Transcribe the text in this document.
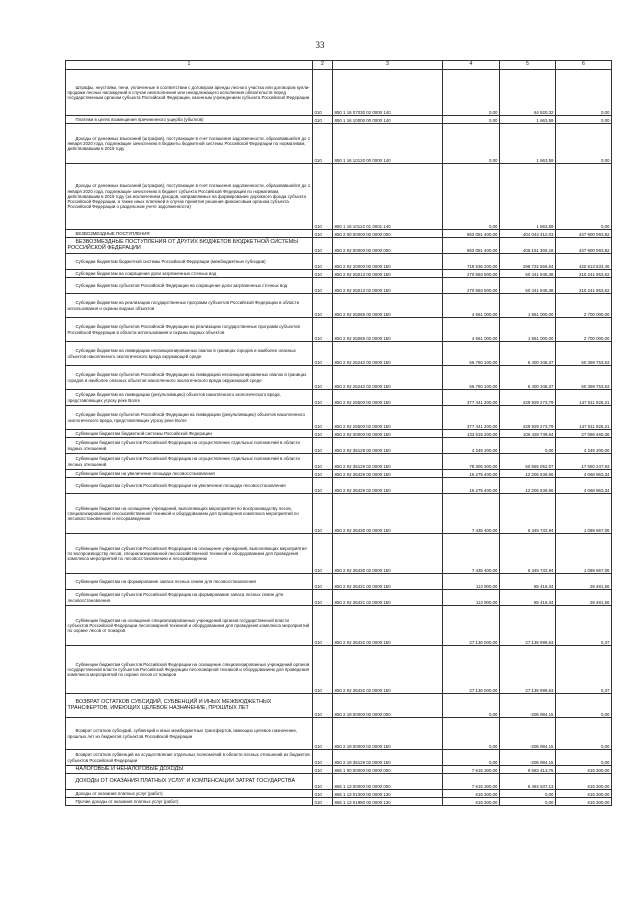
33
1	2	3	4	5	6

Штрафы, неустойки, пени, уплаченные в соответствии с договором аренды лесного участка или договором купли-продажи лесных насаждений в случае неисполнения или ненадлежащего исполнения обязательств перед государственным органом субъекта Российской Федерации, казенным учреждением субъекта Российской Федерации	010	850 1 16 07030 02 0000 140	0,00	64 920,32	0,00

Платежи в целях возмещения причиненного ущерба (убытков)	010	850 1 16 10000 00 0000 140	0,00	1 663,59	0,00

Доходы от денежных взысканий (штрафов), поступающие в счет погашения задолженности, образовавшейся до 1 января 2020 года, подлежащие зачислению в бюджеты бюджетной системы Российской Федерации по нормативам, действовавшим в 2019 году	010	850 1 16 10120 00 0000 140	0,00	1 663,59	0,00

Доходы от денежных взысканий (штрафов), поступающие в счет погашения задолженности, образовавшейся до 1 января 2020 года, подлежащие зачислению в бюджет субъекта Российской Федерации по нормативам, действовавшим в 2019 году (за исключением доходов, направляемых на формирование дорожного фонда субъекта Российской Федерации, а также иных платежей в случае принятия решения финансовым органом субъекта Российской Федерации о раздельном учете задолженности)	010	850 1 16 10122 01 0001 140	0,00	1 663,59	0,00

БЕЗВОЗМЕЗДНЫЕ ПОСТУПЛЕНИЯ	010	850 2 00 00000 00 0000 000	853 051 400,00	404 044 412,03	447 900 093,82

БЕЗВОЗМЕЗДНЫЕ ПОСТУПЛЕНИЯ ОТ ДРУГИХ БЮДЖЕТОВ БЮДЖЕТНОЙ СИСТЕМЫ РОССИЙСКОЙ ФЕДЕРАЦИИ	010	850 2 02 00000 00 0000 000	853 051 400,00	405 151 306,18	447 900 093,82

Субсидии бюджетам бюджетной системы Российской Федерации (межбюджетные субсидии)	010	850 2 02 20000 00 0000 150	719 536 200,00	298 722 566,54	420 813 633,46

Субсидии бюджетам на сокращение доли загрязненных сточных вод	010	850 2 02 25013 00 0000 150	270 683 900,00	60 441 946,38	210 241 953,62

Субсидии бюджетам субъектов Российской Федерации на сокращение доли загрязненных сточных вод	010	850 2 02 25013 02 0000 150	270 683 900,00	60 441 946,38	210 241 953,62

Субсидии бюджетам на реализацию государственных программ субъектов Российской Федерации в области использования и охраны водных объектов	010	850 2 02 25065 00 0000 150	4 651 000,00	1 951 000,00	2 700 000,00

Субсидии бюджетам субъектов Российской Федерации на реализацию государственных программ субъектов Российской Федерации в области использования и охраны водных объектов	010	850 2 02 25065 02 0000 150	4 651 000,00	1 951 000,00	2 700 000,00

Субсидии бюджетам на ликвидацию несанкционированных свалок в границах городов и наиболее опасных объектов накопленного экологического вреда окружающей среде	010	850 2 02 25242 00 0000 150	66 760 100,00	6 400 346,37	60 359 753,63

Субсидии бюджетам субъектов Российской Федерации на ликвидацию несанкционированных свалок в границах городов и наиболее опасных объектов накопленного экологического вреда окружающей среде	010	850 2 02 25242 02 0000 150	66 760 100,00	6 400 346,37	60 359 753,63

Субсидии бюджетам на ликвидацию (рекультивацию) объектов накопленного экологического вреда, представляющих угрозу реке Волге	010	850 2 02 25500 00 0000 150	377 441 200,00	229 929 273,79	147 511 926,21

Субсидии бюджетам субъектов Российской Федерации на ликвидацию (рекультивацию) объектов накопленного экологического вреда, представляющих угрозу реке Волге	010	850 2 02 25500 02 0000 150	377 441 200,00	229 929 273,79	147 511 926,21

Субвенции бюджетам бюджетной системы Российской Федерации	010	850 2 02 30000 00 0000 150	133 515 200,00	106 428 739,64	27 086 460,36

Субвенции бюджетам субъектов Российской Федерации на осуществление отдельных полномочий в области водных отношений	010	850 2 02 35128 00 0000 150	4 249 200,00	0,00	4 249 200,00

Субвенции бюджетам субъектов Российской Федерации на осуществление отдельных полномочий в области лесных отношений	010	850 2 02 35129 02 0000 150	78 305 300,00	60 655 052,07	17 650 247,93

Субвенции бюджетам на увеличение площади лесовосстановления	010	850 2 02 35429 00 0000 150	16 275 400,00	12 206 536,66	4 068 863,34

Субвенции бюджетам субъектов Российской Федерации на увеличение площади лесовосстановления	010	850 2 02 35429 02 0000 150	16 275 400,00	12 206 536,66	4 068 863,34

Субвенции бюджетам на оснащение учреждений, выполняющих мероприятия по воспроизводству лесов, специализированной лесохозяйственной техникой и оборудованием для проведения комплекса мероприятий по лесовосстановлению и лесоразведению	010	850 2 02 35430 00 0000 150	7 435 400,00	6 345 732,94	1 089 667,06

Субвенции бюджетам субъектов Российской Федерации на оснащение учреждений, выполняющих мероприятия по воспроизводству лесов, специализированной лесохозяйственной техникой и оборудованием для проведения комплекса мероприятий по лесовосстановлению и лесоразведению	010	850 2 02 35430 02 0000 150	7 435 400,00	6 345 732,94	1 089 667,06

Субвенции бюджетам на формирование запаса лесных семян для лесовосстановления	010	850 2 02 35431 00 0000 150	113 900,00	85 418,34	28 481,66

Субвенции бюджетам субъектов Российской Федерации на формирование запаса лесных семян для лесовосстановления	010	850 2 02 35431 02 0000 150	113 900,00	85 418,34	28 481,66

Субвенции бюджетам на оснащение специализированных учреждений органов государственной власти субъектов Российской Федерации лесопожарной техникой и оборудованием для проведения комплекса мероприятий по охране лесов от пожаров	010	850 2 02 35432 00 0000 150	27 136 000,00	27 135 999,63	0,37

Субвенции бюджетам субъектов Российской Федерации на оснащение специализированных учреждений органов государственной власти субъектов Российской Федерации лесопожарной техникой и оборудованием для проведения комплекса мероприятий по охране лесов от пожаров	010	850 2 02 35432 02 0000 150	27 136 000,00	27 135 999,63	0,37

ВОЗВРАТ ОСТАТКОВ СУБСИДИЙ, СУБВЕНЦИЙ И ИНЫХ МЕЖБЮДЖЕТНЫХ ТРАНСФЕРТОВ, ИМЕЮЩИХ ЦЕЛЕВОЕ НАЗНАЧЕНИЕ, ПРОШЛЫХ ЛЕТ	010	850 2 19 00000 00 0000 000	0,00	-206 894,15	0,00

Возврат остатков субсидий, субвенций и иных межбюджетных трансфертов, имеющих целевое назначение, прошлых лет из бюджетов субъектов Российской Федерации	010	850 2 19 00000 02 0000 150	0,00	-206 894,15	0,00

Возврат остатков субвенций на осуществление отдельных полномочий в области лесных отношений из бюджетов субъектов Российской Федерации	010	850 2 19 35129 02 0000 150	0,00	-206 894,15	0,00

НАЛОГОВЫЕ И НЕНАЛОГОВЫЕ ДОХОДЫ	010	855 1 00 00000 00 0000 000	7 615 300,00	9 583 413,75	615 300,00

ДОХОДЫ ОТ ОКАЗАНИЯ ПЛАТНЫХ УСЛУГ И КОМПЕНСАЦИИ ЗАТРАТ ГОСУДАРСТВА	010	855 1 13 00000 00 0000 000	7 615 300,00	6 484 537,13	615 300,00

Доходы от оказания платных услуг (работ)	010	855 1 13 01000 00 0000 130	615 300,00	0,00	615 300,00

Прочие доходы от оказания платных услуг (работ)	010	855 1 13 01990 00 0000 130	615 300,00	0,00	615 300,00
